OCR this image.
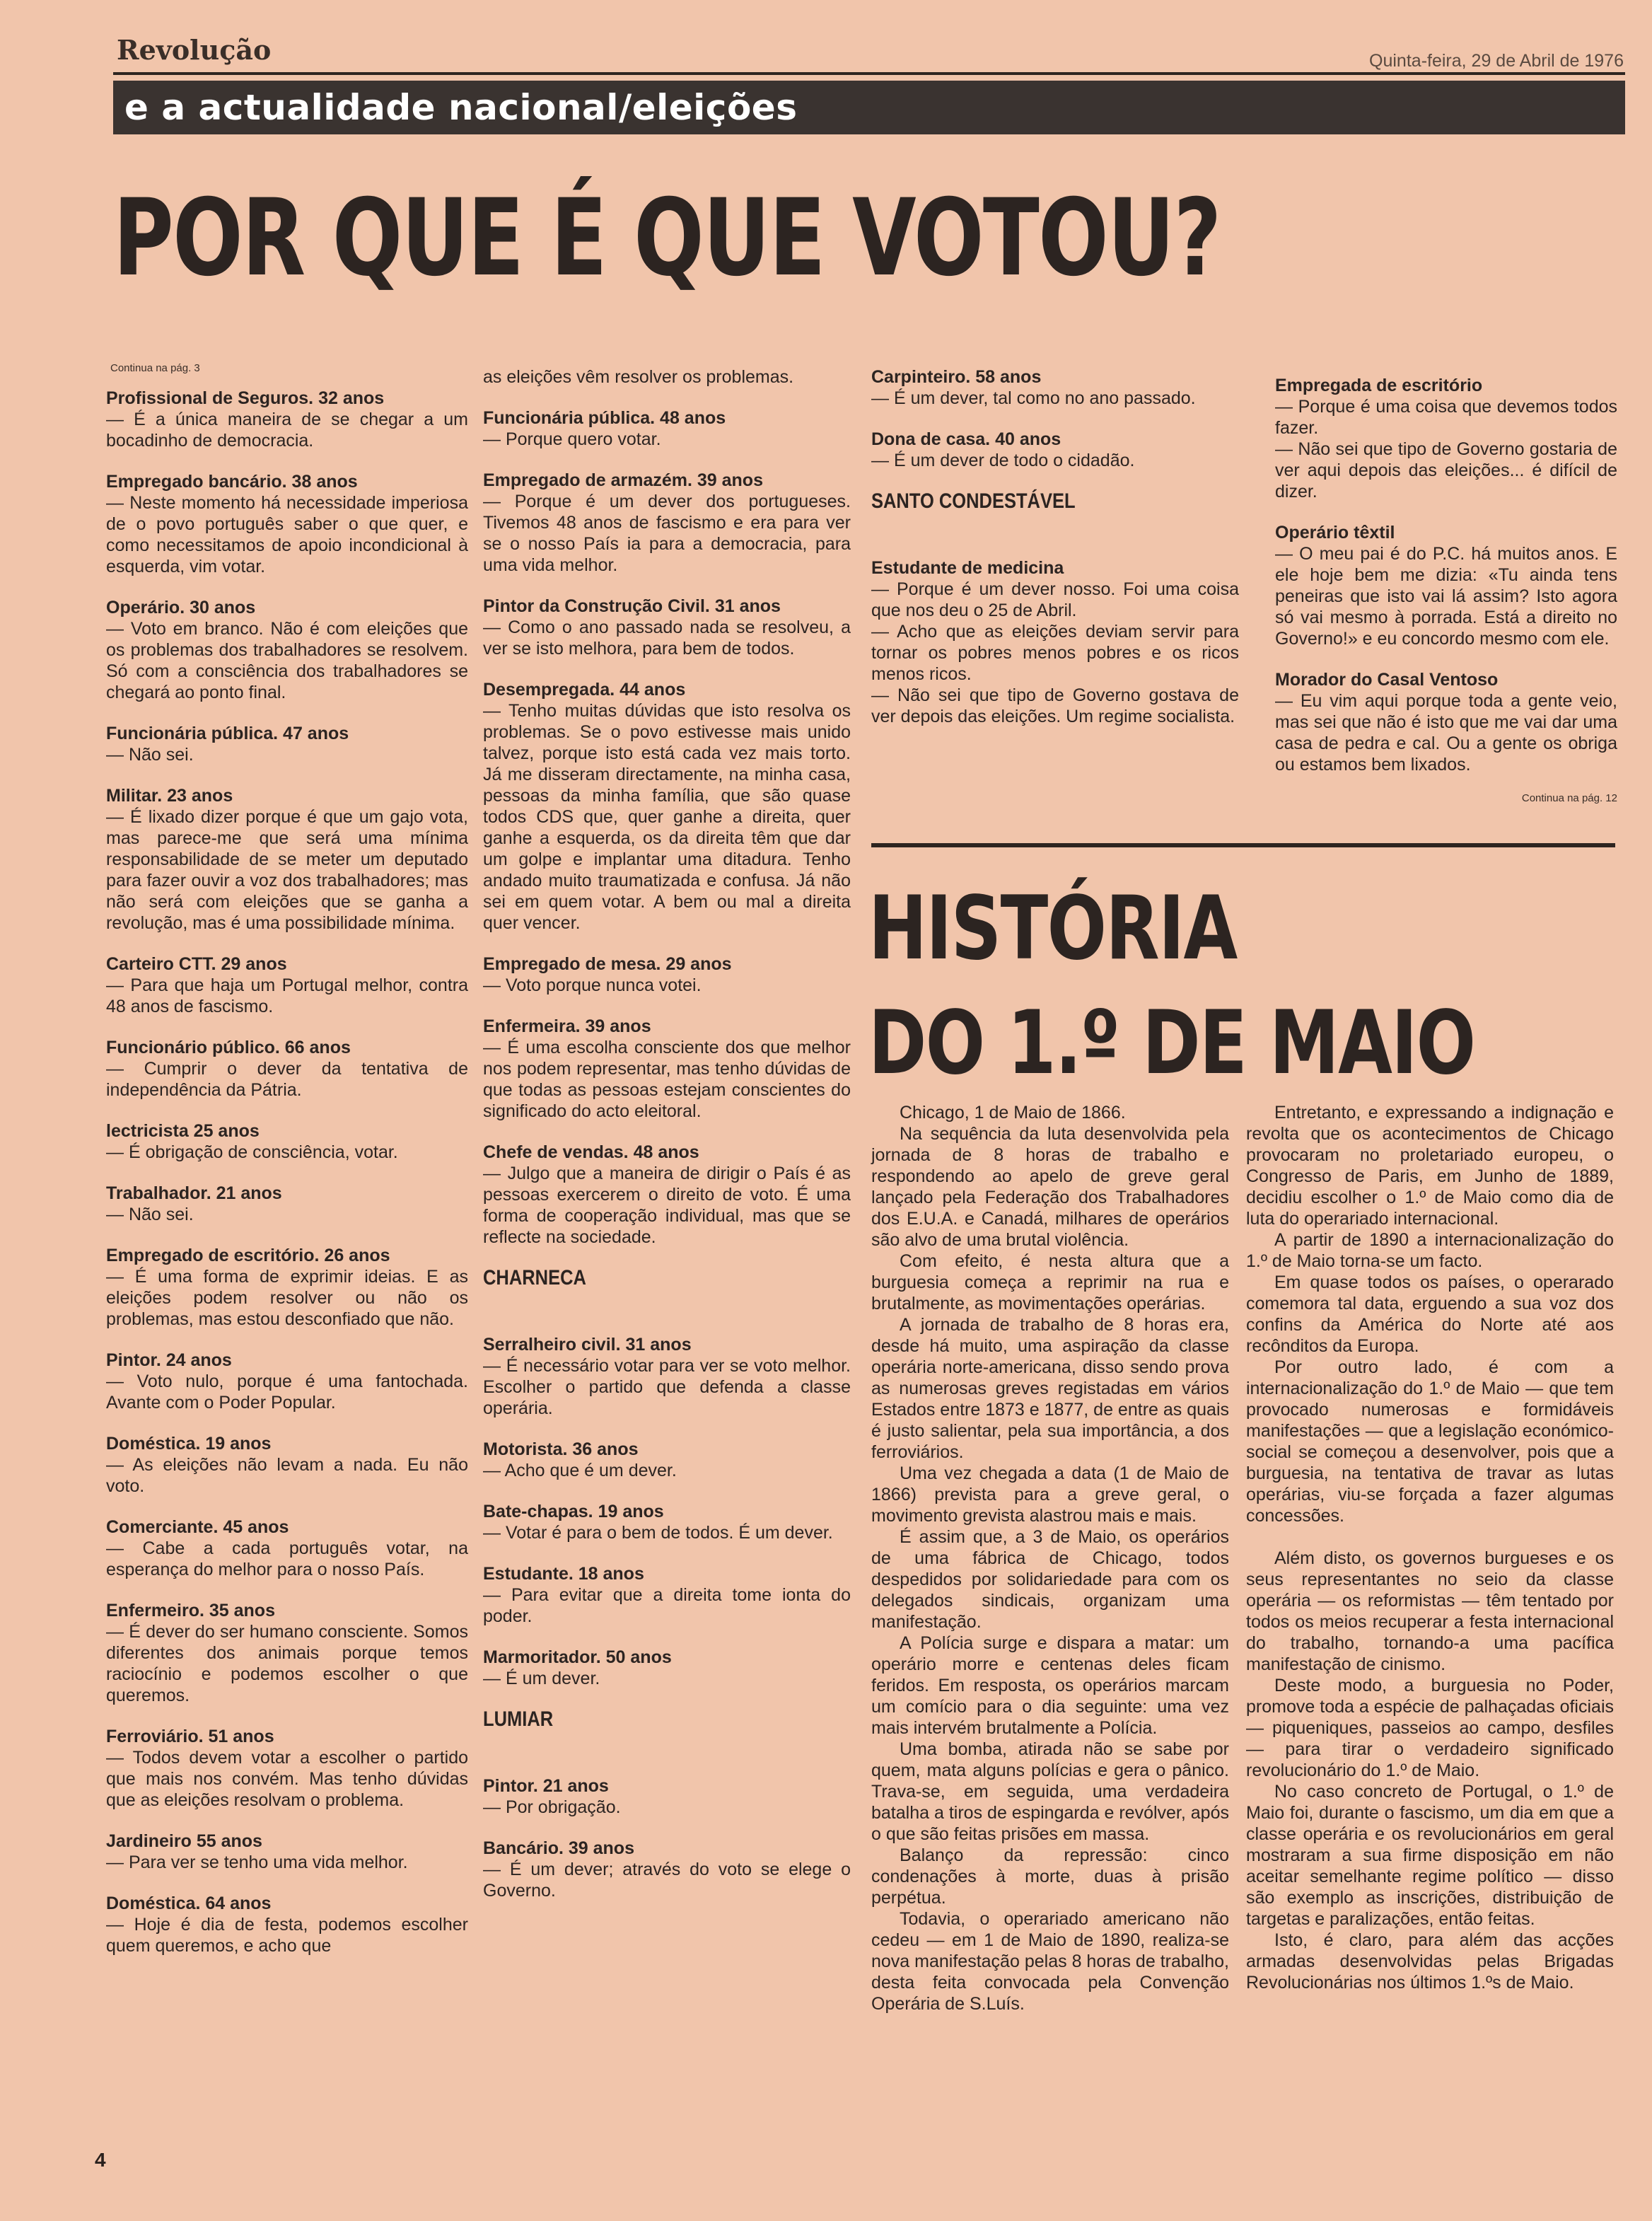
Revolução	Quinta-feira, 29 de Abril de 1976
e a actualidade nacional/eleições
POR QUE É QUE VOTOU?
Continua na pág. 3
Profissional de Seguros. 32 anos
— É a única maneira de se chegar a um bocadinho de democracia.
Empregado bancário. 38 anos
— Neste momento há necessidade imperiosa de o povo português saber o que quer, e como necessitamos de apoio incondicional à esquerda, vim votar.
Operário. 30 anos
— Voto em branco. Não é com eleições que os problemas dos trabalhadores se resolvem. Só com a consciência dos trabalhadores se chegará ao ponto final.
Funcionária pública. 47 anos
— Não sei.
Militar. 23 anos
— É lixado dizer porque é que um gajo vota, mas parece-me que será uma mínima responsabilidade de se meter um deputado para fazer ouvir a voz dos trabalhadores; mas não será com eleições que se ganha a revolução, mas é uma possibilidade mínima.
Carteiro CTT. 29 anos
— Para que haja um Portugal melhor, contra 48 anos de fascismo.
Funcionário público. 66 anos
— Cumprir o dever da tentativa de independência da Pátria.
lectricista 25 anos
— É obrigação de consciência, votar.
Trabalhador. 21 anos
— Não sei.
Empregado de escritório. 26 anos
— É uma forma de exprimir ideias. E as eleições podem resolver ou não os problemas, mas estou desconfiado que não.
Pintor. 24 anos
— Voto nulo, porque é uma fantochada. Avante com o Poder Popular.
Doméstica. 19 anos
— As eleições não levam a nada. Eu não voto.
Comerciante. 45 anos
— Cabe a cada português votar, na esperança do melhor para o nosso País.
Enfermeiro. 35 anos
— É dever do ser humano consciente. Somos diferentes dos animais porque temos raciocínio e podemos escolher o que queremos.
Ferroviário. 51 anos
— Todos devem votar a escolher o partido que mais nos convém. Mas tenho dúvidas que as eleições resolvam o problema.
Jardineiro 55 anos
— Para ver se tenho uma vida melhor.
Doméstica. 64 anos
— Hoje é dia de festa, podemos escolher quem queremos, e acho que
as eleições vêm resolver os problemas.
Funcionária pública. 48 anos
— Porque quero votar.
Empregado de armazém. 39 anos
— Porque é um dever dos portugueses. Tivemos 48 anos de fascismo e era para ver se o nosso País ia para a democracia, para uma vida melhor.
Pintor da Construção Civil. 31 anos
— Como o ano passado nada se resolveu, a ver se isto melhora, para bem de todos.
Desempregada. 44 anos
— Tenho muitas dúvidas que isto resolva os problemas. Se o povo estivesse mais unido talvez, porque isto está cada vez mais torto. Já me disseram directamente, na minha casa, pessoas da minha família, que são quase todos CDS que, quer ganhe a direita, quer ganhe a esquerda, os da direita têm que dar um golpe e implantar uma ditadura. Tenho andado muito traumatizada e confusa. Já não sei em quem votar. A bem ou mal a direita quer vencer.
Empregado de mesa. 29 anos
— Voto porque nunca votei.
Enfermeira. 39 anos
— É uma escolha consciente dos que melhor nos podem representar, mas tenho dúvidas de que todas as pessoas estejam conscientes do significado do acto eleitoral.
Chefe de vendas. 48 anos
— Julgo que a maneira de dirigir o País é as pessoas exercerem o direito de voto. É uma forma de cooperação individual, mas que se reflecte na sociedade.
CHARNECA
Serralheiro civil. 31 anos
— É necessário votar para ver se voto melhor. Escolher o partido que defenda a classe operária.
Motorista. 36 anos
— Acho que é um dever.
Bate-chapas. 19 anos
— Votar é para o bem de todos. É um dever.
Estudante. 18 anos
— Para evitar que a direita tome ionta do poder.
Marmoritador. 50 anos
— É um dever.
LUMIAR
Pintor. 21 anos
— Por obrigação.
Bancário. 39 anos
— É um dever; através do voto se elege o Governo.
Carpinteiro. 58 anos
— É um dever, tal como no ano passado.
Dona de casa. 40 anos
— É um dever de todo o cidadão.
SANTO CONDESTÁVEL
Estudante de medicina
— Porque é um dever nosso. Foi uma coisa que nos deu o 25 de Abril.
— Acho que as eleições deviam servir para tornar os pobres menos pobres e os ricos menos ricos.
— Não sei que tipo de Governo gostava de ver depois das eleições. Um regime socialista.
Empregada de escritório
— Porque é uma coisa que devemos todos fazer.
— Não sei que tipo de Governo gostaria de ver aqui depois das eleições... é difícil de dizer.
Operário têxtil
— O meu pai é do P.C. há muitos anos. E ele hoje bem me dizia: «Tu ainda tens peneiras que isto vai lá assim? Isto agora só vai mesmo à porrada. Está a direito no Governo!» e eu concordo mesmo com ele.
Morador do Casal Ventoso
— Eu vim aqui porque toda a gente veio, mas sei que não é isto que me vai dar uma casa de pedra e cal. Ou a gente os obriga ou estamos bem lixados.
Continua na pág. 12
HISTÓRIA
DO 1.º DE MAIO

Chicago, 1 de Maio de 1866.

Na sequência da luta desenvolvida pela jornada de 8 horas de trabalho e respondendo ao apelo de greve geral lançado pela Federação dos Trabalhadores dos E.U.A. e Canadá, milhares de operários são alvo de uma brutal violência.

Com efeito, é nesta altura que a burguesia começa a reprimir na rua e brutalmente, as movimentações operárias.

A jornada de trabalho de 8 horas era, desde há muito, uma aspiração da classe operária norte-americana, disso sendo prova as numerosas greves registadas em vários Estados entre 1873 e 1877, de entre as quais é justo salientar, pela sua importância, a dos ferroviários.

Uma vez chegada a data (1 de Maio de 1866) prevista para a greve geral, o movimento grevista alastrou mais e mais.

É assim que, a 3 de Maio, os operários de uma fábrica de Chicago, todos despedidos por solidariedade para com os delegados sindicais, organizam uma manifestação.

A Polícia surge e dispara a matar: um operário morre e centenas deles ficam feridos. Em resposta, os operários marcam um comício para o dia seguinte: uma vez mais intervém brutalmente a Polícia.

Uma bomba, atirada não se sabe por quem, mata alguns polícias e gera o pânico. Trava-se, em seguida, uma verdadeira batalha a tiros de espingarda e revólver, após o que são feitas prisões em massa.

Balanço da repressão: cinco condenações à morte, duas à prisão perpétua.

Todavia, o operariado americano não cedeu — em 1 de Maio de 1890, realiza-se nova manifestação pelas 8 horas de trabalho, desta feita convocada pela Convenção Operária de S.Luís.

Entretanto, e expressando a indignação e revolta que os acontecimentos de Chicago provocaram no proletariado europeu, o Congresso de Paris, em Junho de 1889, decidiu escolher o 1.º de Maio como dia de luta do operariado internacional.

A partir de 1890 a internacionalização do 1.º de Maio torna-se um facto.

Em quase todos os países, o operarado comemora tal data, erguendo a sua voz dos confins da América do Norte até aos recônditos da Europa.

Por outro lado, é com a internacionalização do 1.º de Maio — que tem provocado numerosas e formidáveis manifestações — que a legislação económico-social se começou a desenvolver, pois que a burguesia, na tentativa de travar as lutas operárias, viu-se forçada a fazer algumas concessões.

Além disto, os governos burgueses e os seus representantes no seio da classe operária — os reformistas — têm tentado por todos os meios recuperar a festa internacional do trabalho, tornando-a uma pacífica manifestação de cinismo.

Deste modo, a burguesia no Poder, promove toda a espécie de palhaçadas oficiais — piqueniques, passeios ao campo, desfiles — para tirar o verdadeiro significado revolucionário do 1.º de Maio.

No caso concreto de Portugal, o 1.º de Maio foi, durante o fascismo, um dia em que a classe operária e os revolucionários em geral mostraram a sua firme disposição em não aceitar semelhante regime político — disso são exemplo as inscrições, distribuição de targetas e paralizações, então feitas.

Isto, é claro, para além das acções armadas desenvolvidas pelas Brigadas Revolucionárias nos últimos 1.ºs de Maio.

4
